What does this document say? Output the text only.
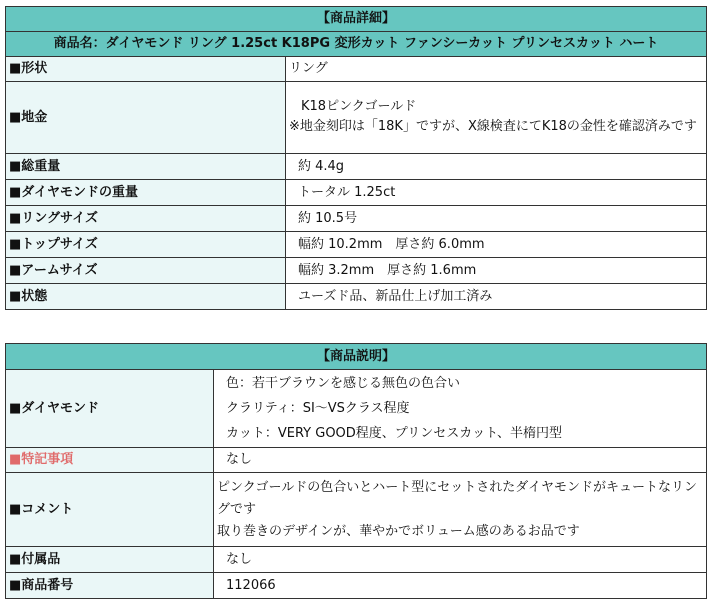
【商品詳細】	
商品名：ダイヤモンド リング 1.25ct K18PG 変形カット ファンシーカット プリンセスカット ハート	
■形状	リング
■地金	K18ピンクゴールド
※地金刻印は「18K」ですが、X線検査にてK18の金性を確認済みです

■総重量	約 4.4g
■ダイヤモンドの重量	トータル 1.25ct
■リングサイズ	約 10.5号
■トップサイズ	幅約 10.2mm　厚さ約 6.0mm
■アームサイズ	幅約 3.2mm　厚さ約 1.6mm
■状態	ユーズド品、新品仕上げ加工済み
【商品説明】	
■ダイヤモンド	色：若干ブラウンを感じる無色の色合い
クラリティ：SI～VSクラス程度
カット：VERY GOOD程度、プリンセスカット、半楕円型

■特記事項	なし
■コメント	ピンクゴールドの色合いとハート型にセットされたダイヤモンドがキュートなリングです
取り巻きのデザインが、華やかでボリューム感のあるお品です

■付属品	なし
■商品番号	112066
